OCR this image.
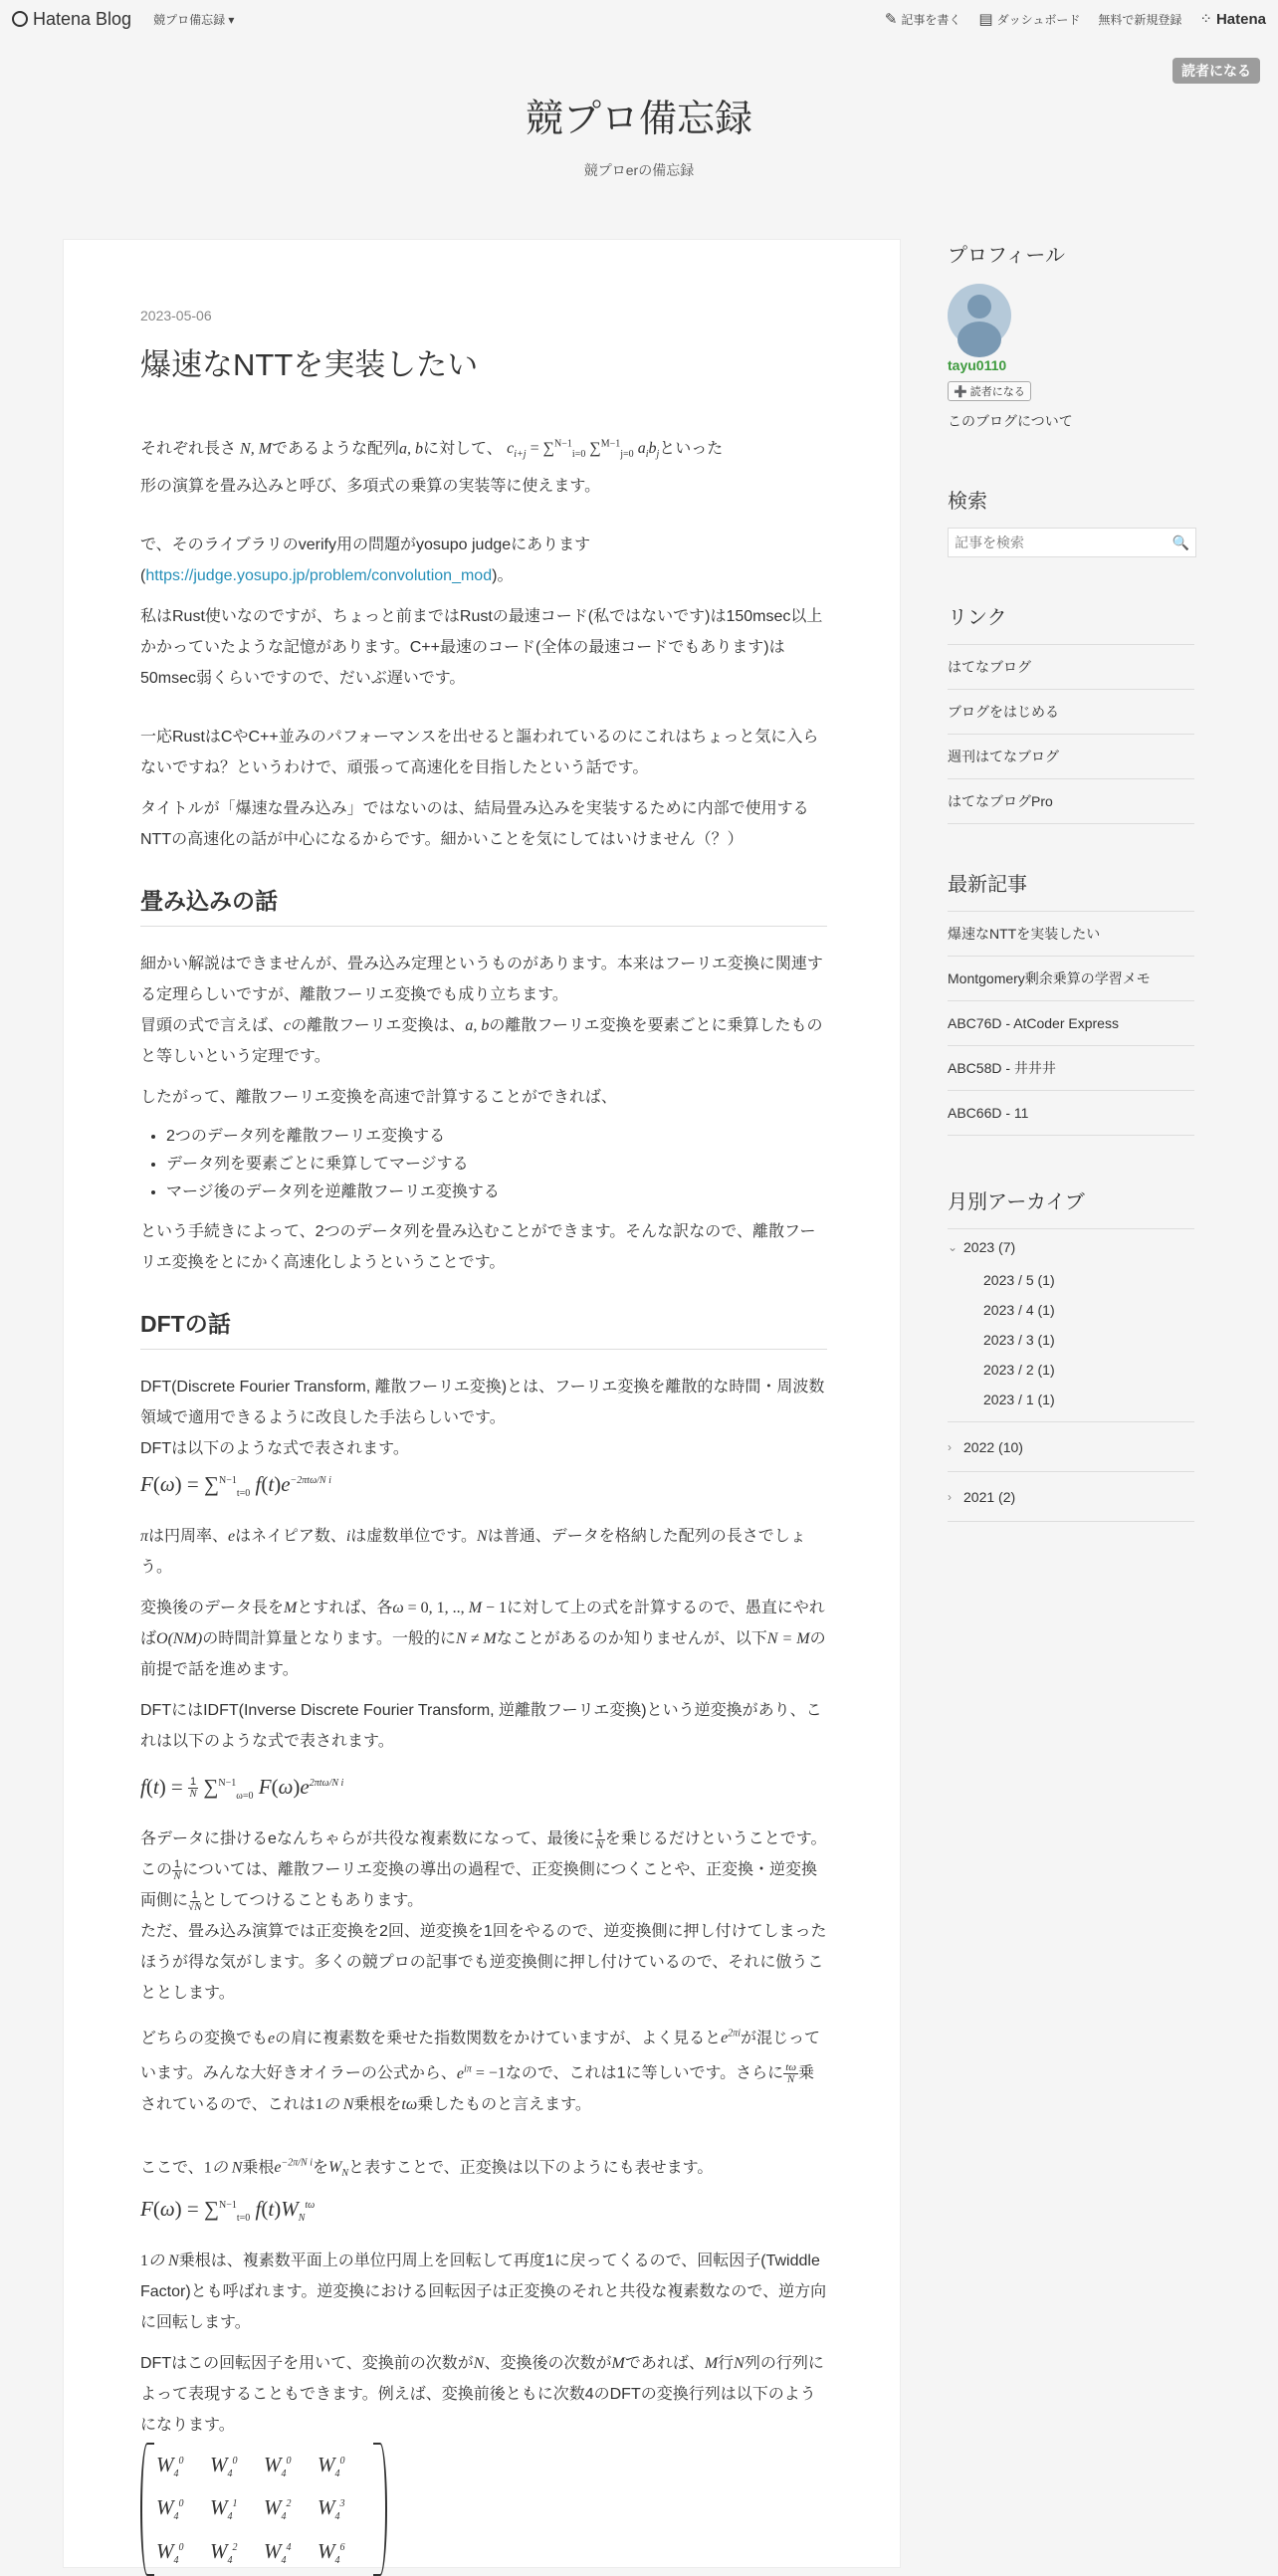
Hatena Blog 競プロ備忘録 ▾	✎ 記事を書く ▤ ダッシュボード 無料で新規登録 ⁘ Hatena
読者になる
競プロ備忘録
競プロerの備忘録
2023-05-06
爆速なNTTを実装したい

それぞれ長さ N, Mであるような配列a, bに対して、 $c_{i+j} = \sum^{N-1}_{i=0}$ ∑$^{M-1}_{j=0}$ $a_ib_j$といった
形の演算を畳み込みと呼び、多項式の乗算の実装等に使えます。

で、そのライブラリのverify用の問題がyosupo judgeにあります
(https://judge.yosupo.jp/problem/convolution_mod)。

私はRust使いなのですが、ちょっと前まではRustの最速コード(私ではないです)は150msec以上かかっていたような記憶があります。C++最速のコード(全体の最速コードでもあります)は50msec弱くらいですので、だいぶ遅いです。

一応RustはCやC++並みのパフォーマンスを出せると謳われているのにこれはちょっと気に入らないですね？というわけで、頑張って高速化を目指したという話です。

タイトルが「爆速な畳み込み」ではないのは、結局畳み込みを実装するために内部で使用するNTTの高速化の話が中心になるからです。細かいことを気にしてはいけません（？）

畳み込みの話

細かい解説はできませんが、畳み込み定理というものがあります。本来はフーリエ変換に関連する定理らしいですが、離散フーリエ変換でも成り立ちます。
冒頭の式で言えば、cの離散フーリエ変換は、a, bの離散フーリエ変換を要素ごとに乗算したものと等しいという定理です。

したがって、離散フーリエ変換を高速で計算することができれば、

• 2つのデータ列を離散フーリエ変換する
• データ列を要素ごとに乗算してマージする
• マージ後のデータ列を逆離散フーリエ変換する

という手続きによって、2つのデータ列を畳み込むことができます。そんな訳なので、離散フーリエ変換をとにかく高速化しようということです。

DFTの話

DFT(Discrete Fourier Transform, 離散フーリエ変換)とは、フーリエ変換を離散的な時間・周波数領域で適用できるように改良した手法らしいです。
DFTは以下のような式で表されます。

F(ω) = ∑$^{N-1}_{t=0}$ $f(t)e^{-2\pi t\omega/N i}$

πは円周率、eはネイピア数、iは虚数単位です。Nは普通、データを格納した配列の長さでしょう。

変換後のデータ長をMとすれば、各ω = 0, 1, .., M − 1に対して上の式を計算するので、愚直にやればO(NM)の時間計算量となります。一般的にN ≠ Mなことがあるのか知りませんが、以下N = Mの前提で話を進めます。

DFTにはIDFT(Inverse Discrete Fourier Transform, 逆離散フーリエ変換)という逆変換があり、これは以下のような式で表されます。

$f(t) = \frac{1}{N} \sum^{N-1}_{\omega=0}$ $F(\omega)e^{2\pi t\omega/N i}$

各データに掛けるeなんちゃらが共役な複素数になって、最後に$\frac{1}{N}$を乗じるだけということです。この$\frac{1}{N}$については、離散フーリエ変換の導出の過程で、正変換側につくことや、正変換・逆変換両側に 1
√Nとしてつけることもあります。

ただ、畳み込み演算では正変換を2回、逆変換を1回をやるので、逆変換側に押し付けてしまったほうが得な気がします。多くの競プロの記事でも逆変換側に押し付けているので、それに倣うこととします。

どちらの変換でもeの肩に複素数を乗せた指数関数をかけていますが、よく見ると$e^{2\pi i}$が混じっています。みんな大好きオイラーの公式から、$e^{i\pi} = -1$なので、これは1に等しいです。さらに$\frac{t\omega}{N}$乗されているので、これは1の N乗根をtω乗したものと言えます。

ここで、1の N乗根$e^{-2\pi/N i}$を$W_N$と表すことで、正変換は以下のようにも表せます。

F(ω) = ∑$^{N-1}_{t=0}$ $f(t)W_N^{t\omega}$

1の N乗根は、複素数平面上の単位円周上を回転して再度1に戻ってくるので、回転因子(Twiddle Factor)とも呼ばれます。逆変換における回転因子は正変換のそれと共役な複素数なので、逆方向に回転します。

DFTはこの回転因子を用いて、変換前の次数がN、変換後の次数がMであれば、M行N列の行列によって表現することもできます。例えば、変換前後ともに次数4のDFTの変換行列は以下のようになります。

$W_4^0$	$W_4^0$	$W_4^0$	$W_4^0$
$W_4^0$	$W_4^1$	$W_4^2$	$W_4^3$
$W_4^0$	$W_4^2$	$W_4^4$	$W_4^6$
プロフィール
tayu0110
➕ 読者になる
このブログについて
検索
記事を検索
🔍
リンク
はてなブログ
ブログをはじめる
週刊はてなブログ
はてなブログPro
最新記事
爆速なNTTを実装したい
Montgomery剰余乗算の学習メモ
ABC76D - AtCoder Express
ABC58D - 井井井
ABC66D - 11
月別アーカイブ
⌄ 2023 (7)
2023 / 5 (1)
2023 / 4 (1)
2023 / 3 (1)
2023 / 2 (1)
2023 / 1 (1)
› 2022 (10)
› 2021 (2)
